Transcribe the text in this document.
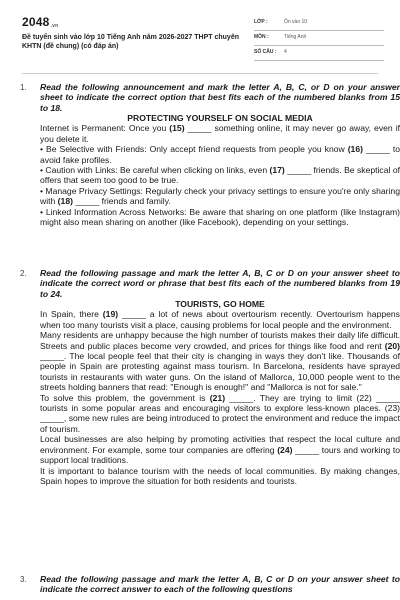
2048.vn
Đề tuyển sinh vào lớp 10 Tiếng Anh năm 2026-2027 THPT chuyên KHTN (đề chung) (có đáp án)
LỚP :	Ôn vào 10
MÔN :	Tiếng Anh
SỐ CÂU : 4
1. Read the following announcement and mark the letter A, B, C, or D on your answer sheet to indicate the correct option that best fits each of the numbered blanks from 15 to 18.

PROTECTING YOURSELF ON SOCIAL MEDIA

Internet is Permanent: Once you (15) _____ something online, it may never go away, even if you delete it.

• Be Selective with Friends: Only accept friend requests from people you know (16) _____ to avoid fake profiles.

• Caution with Links: Be careful when clicking on links, even (17) _____ friends. Be skeptical of offers that seem too good to be true.

• Manage Privacy Settings: Regularly check your privacy settings to ensure you're only sharing with (18) _____ friends and family.

• Linked Information Across Networks: Be aware that sharing on one platform (like Instagram) might also mean sharing on another (like Facebook), depending on your settings.

2. Read the following passage and mark the letter A, B, C or D on your answer sheet to indicate the correct word or phrase that best fits each of the numbered blanks from 19 to 24.

TOURISTS, GO HOME

In Spain, there (19) _____ a lot of news about overtourism recently. Overtourism happens when too many tourists visit a place, causing problems for local people and the environment.

Many residents are unhappy because the high number of tourists makes their daily life difficult. Streets and public places become very crowded, and prices for things like food and rent (20) _____. The local people feel that their city is changing in ways they don't like. Thousands of people in Spain are protesting against mass tourism. In Barcelona, residents have sprayed tourists in restaurants with water guns. On the island of Mallorca, 10,000 people went to the streets holding banners that read: "Enough is enough!" and "Mallorca is not for sale."

To solve this problem, the government is (21) _____. They are trying to limit (22) _____ tourists in some popular areas and encouraging visitors to explore less-known places. (23) _____, some new rules are being introduced to protect the environment and reduce the impact of tourism.

Local businesses are also helping by promoting activities that respect the local culture and environment. For example, some tour companies are offering (24) _____ tours and working to support local traditions.

It is important to balance tourism with the needs of local communities. By making changes, Spain hopes to improve the situation for both residents and tourists.

3. Read the following passage and mark the letter A, B, C or D on your answer sheet to indicate the correct answer to each of the following questions
